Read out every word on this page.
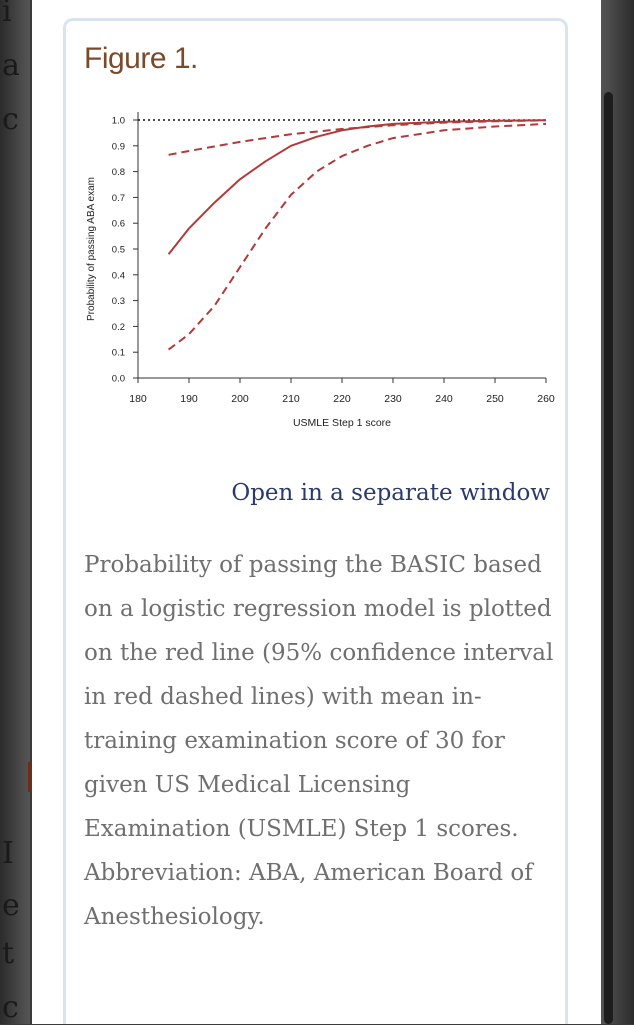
i
a
c
I
e
t
c
Figure 1.
180	190	200	210	220	230	240	250	260
0.0
0.1
0.2
0.3
0.4
0.5
0.6
0.7
0.8
0.9
1.0
USMLE Step 1 score
Probability of passing ABA exam
Open in a separate window

Probability of passing the BASIC based on a logistic regression model is plotted on the red line (95% confidence interval in red dashed lines) with mean in-training examination score of 30 for given US Medical Licensing Examination (USMLE) Step 1 scores. Abbreviation: ABA, American Board of Anesthesiology.
